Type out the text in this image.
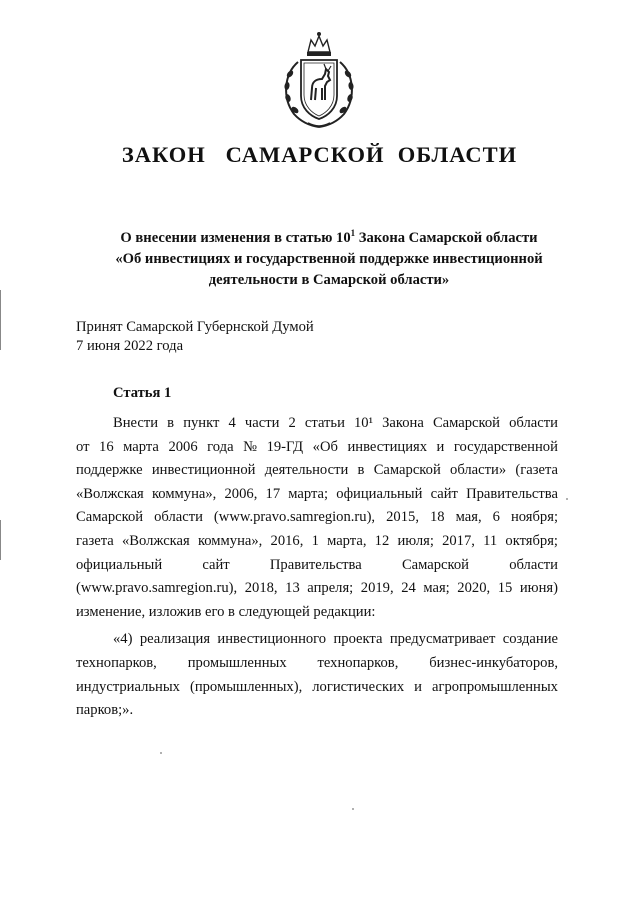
ЗАКОН САМАРСКОЙ ОБЛАСТИ
О внесении изменения в статью $10^1$ Закона Самарской области
«Об инвестициях и государственной поддержке инвестиционной
деятельности в Самарской области»
Принят Самарской Губернской Думой
7 июня 2022 года
Статья 1
Внести в пункт 4 части 2 статьи 10¹ Закона Самарской области
от 16 марта 2006 года № 19-ГД «Об инвестициях и государственной
поддержке инвестиционной деятельности в Самарской области» (газета
«Волжская коммуна», 2006, 17 марта; официальный сайт Правительства
Самарской области (www.pravo.samregion.ru), 2015, 18 мая, 6 ноября;
газета «Волжская коммуна», 2016, 1 марта, 12 июля; 2017, 11 октября;
официальный	сайт	Правительства	Самарской	области
(www.pravo.samregion.ru), 2018, 13 апреля; 2019, 24 мая; 2020, 15 июня)
изменение, изложив его в следующей редакции:
«4) реализация инвестиционного проекта предусматривает создание
технопарков, промышленных технопарков, бизнес-инкубаторов,
индустриальных (промышленных), логистических и агропромышленных
парков;».
